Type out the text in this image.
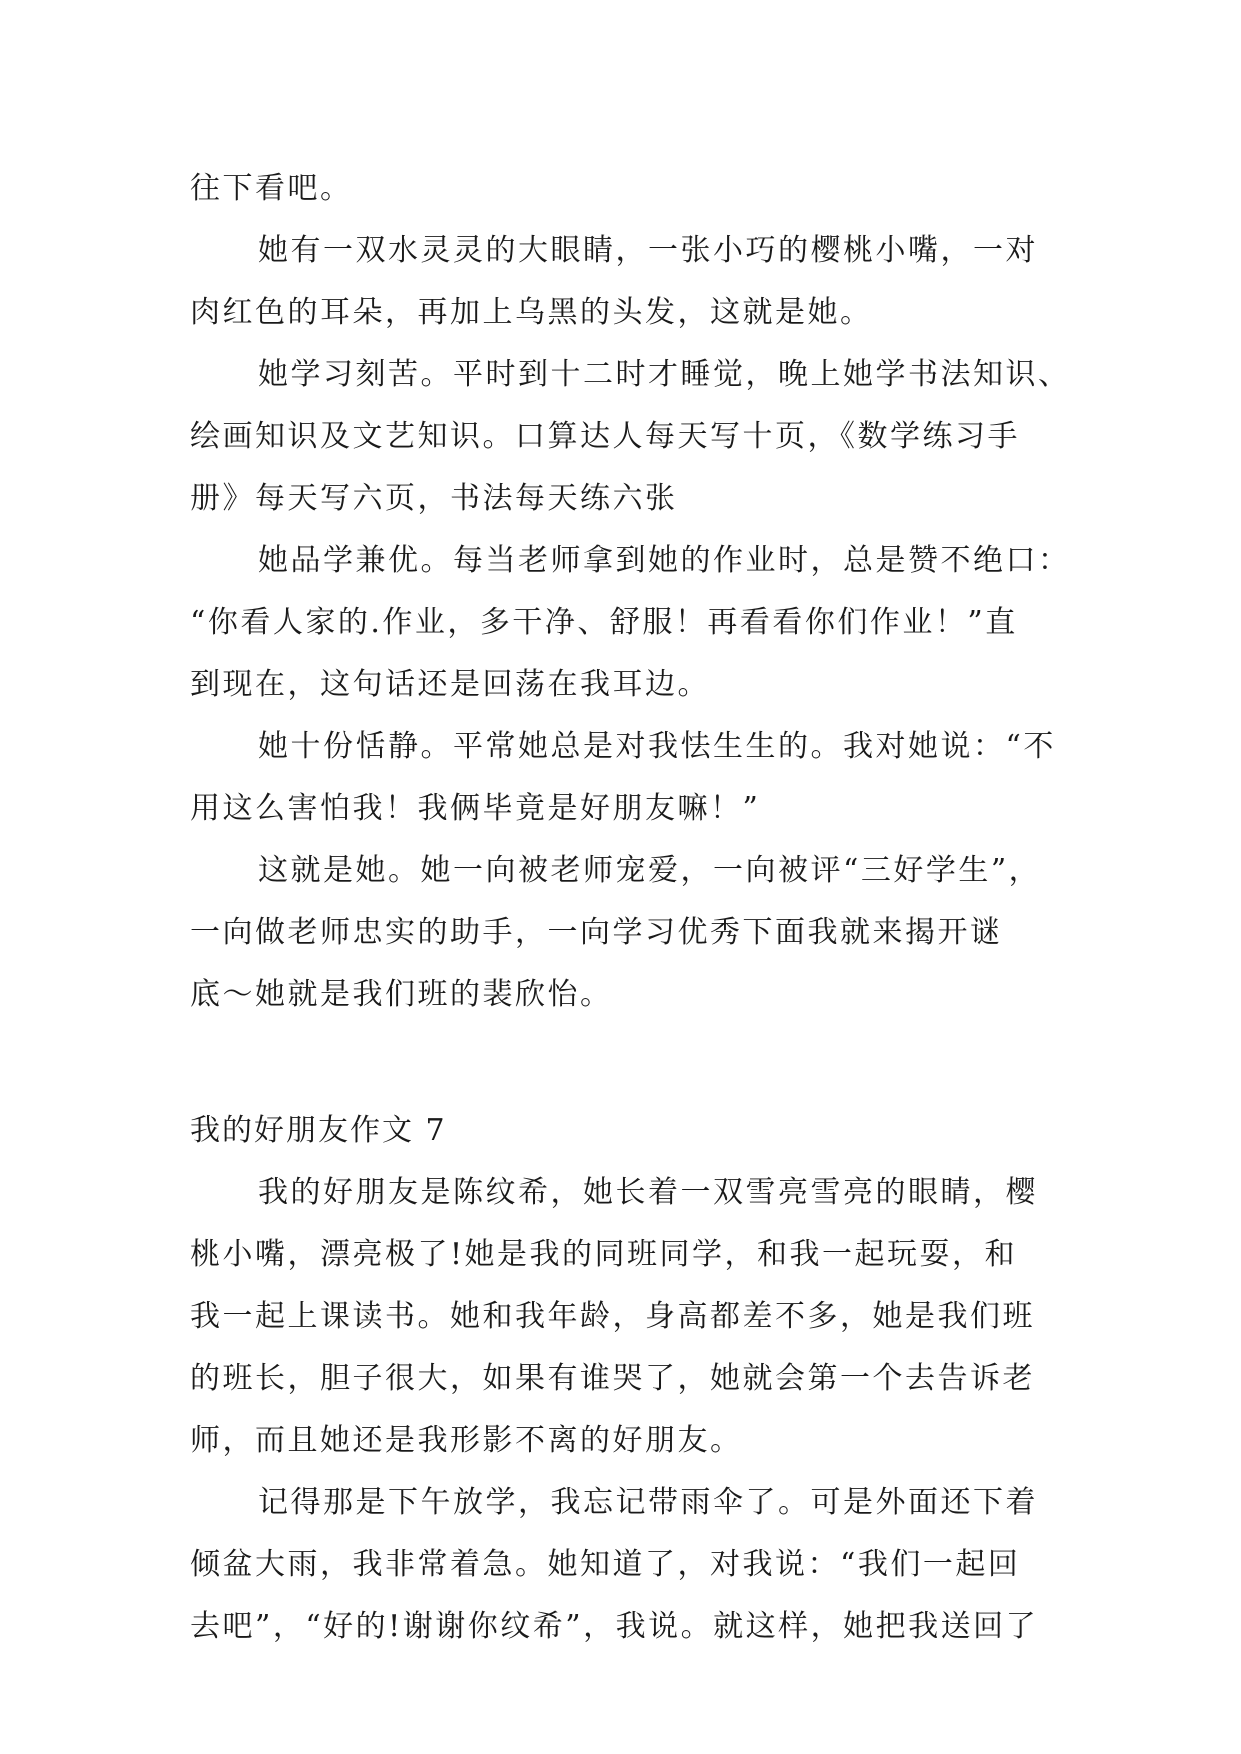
往下看吧。

她有一双水灵灵的大眼睛，一张小巧的樱桃小嘴，一对

肉红色的耳朵，再加上乌黑的头发，这就是她。

她学习刻苦。平时到十二时才睡觉，晚上她学书法知识、

绘画知识及文艺知识。口算达人每天写十页，《数学练习手

册》每天写六页，书法每天练六张

她品学兼优。每当老师拿到她的作业时，总是赞不绝口：

“你看人家的.作业，多干净、舒服！再看看你们作业！”直

到现在，这句话还是回荡在我耳边。

她十份恬静。平常她总是对我怯生生的。我对她说：“不

用这么害怕我！我俩毕竟是好朋友嘛！”

这就是她。她一向被老师宠爱，一向被评“三好学生”，

一向做老师忠实的助手，一向学习优秀下面我就来揭开谜

底～她就是我们班的裴欣怡。

我的好朋友作文 7

我的好朋友是陈纹希，她长着一双雪亮雪亮的眼睛，樱

桃小嘴，漂亮极了!她是我的同班同学，和我一起玩耍，和

我一起上课读书。她和我年龄，身高都差不多，她是我们班

的班长，胆子很大，如果有谁哭了，她就会第一个去告诉老

师，而且她还是我形影不离的好朋友。

记得那是下午放学，我忘记带雨伞了。可是外面还下着

倾盆大雨，我非常着急。她知道了，对我说：“我们一起回

去吧”，“好的!谢谢你纹希”，我说。就这样，她把我送回了
